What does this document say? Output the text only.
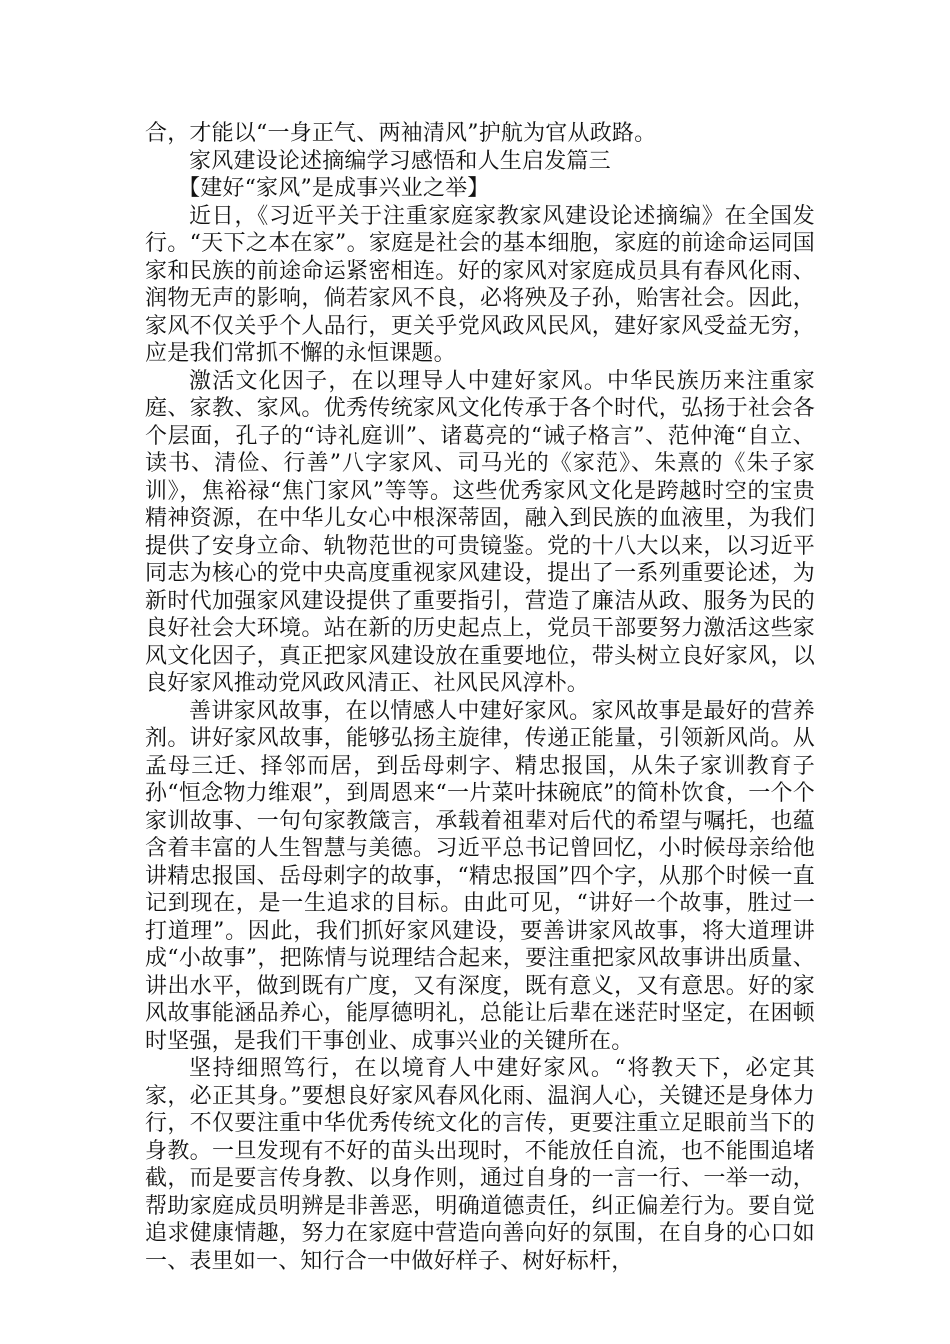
合，才能以“一身正气、两袖清风”护航为官从政路。

家风建设论述摘编学习感悟和人生启发篇三

【建好“家风”是成事兴业之举】

近日，《习近平关于注重家庭家教家风建设论述摘编》在全国发行。“天下之本在家”。家庭是社会的基本细胞，家庭的前途命运同国家和民族的前途命运紧密相连。好的家风对家庭成员具有春风化雨、润物无声的影响，倘若家风不良，必将殃及子孙，贻害社会。因此，家风不仅关乎个人品行，更关乎党风政风民风，建好家风受益无穷，应是我们常抓不懈的永恒课题。

激活文化因子，在以理导人中建好家风。中华民族历来注重家庭、家教、家风。优秀传统家风文化传承于各个时代，弘扬于社会各个层面，孔子的“诗礼庭训”、诸葛亮的“诫子格言”、范仲淹“自立、读书、清俭、行善”八字家风、司马光的《家范》、朱熹的《朱子家训》，焦裕禄“焦门家风”等等。这些优秀家风文化是跨越时空的宝贵精神资源，在中华儿女心中根深蒂固，融入到民族的血液里，为我们提供了安身立命、轨物范世的可贵镜鉴。党的十八大以来，以习近平同志为核心的党中央高度重视家风建设，提出了一系列重要论述，为新时代加强家风建设提供了重要指引，营造了廉洁从政、服务为民的良好社会大环境。站在新的历史起点上，党员干部要努力激活这些家风文化因子，真正把家风建设放在重要地位，带头树立良好家风，以良好家风推动党风政风清正、社风民风淳朴。

善讲家风故事，在以情感人中建好家风。家风故事是最好的营养剂。讲好家风故事，能够弘扬主旋律，传递正能量，引领新风尚。从孟母三迁、择邻而居，到岳母刺字、精忠报国，从朱子家训教育子孙“恒念物力维艰”，到周恩来“一片菜叶抹碗底”的简朴饮食，一个个家训故事、一句句家教箴言，承载着祖辈对后代的希望与嘱托，也蕴含着丰富的人生智慧与美德。习近平总书记曾回忆，小时候母亲给他讲精忠报国、岳母刺字的故事，“精忠报国”四个字，从那个时候一直记到现在，是一生追求的目标。由此可见，“讲好一个故事，胜过一打道理”。因此，我们抓好家风建设，要善讲家风故事，将大道理讲成“小故事”，把陈情与说理结合起来，要注重把家风故事讲出质量、讲出水平，做到既有广度，又有深度，既有意义，又有意思。好的家风故事能涵品养心，能厚德明礼，总能让后辈在迷茫时坚定，在困顿时坚强，是我们干事创业、成事兴业的关键所在。

坚持细照笃行，在以境育人中建好家风。“将教天下，必定其家，必正其身。”要想良好家风春风化雨、温润人心，关键还是身体力行，不仅要注重中华优秀传统文化的言传，更要注重立足眼前当下的身教。一旦发现有不好的苗头出现时，不能放任自流，也不能围追堵截，而是要言传身教、以身作则，通过自身的一言一行、一举一动，帮助家庭成员明辨是非善恶，明确道德责任，纠正偏差行为。要自觉追求健康情趣，努力在家庭中营造向善向好的氛围，在自身的心口如一、表里如一、知行合一中做好样子、树好标杆，
